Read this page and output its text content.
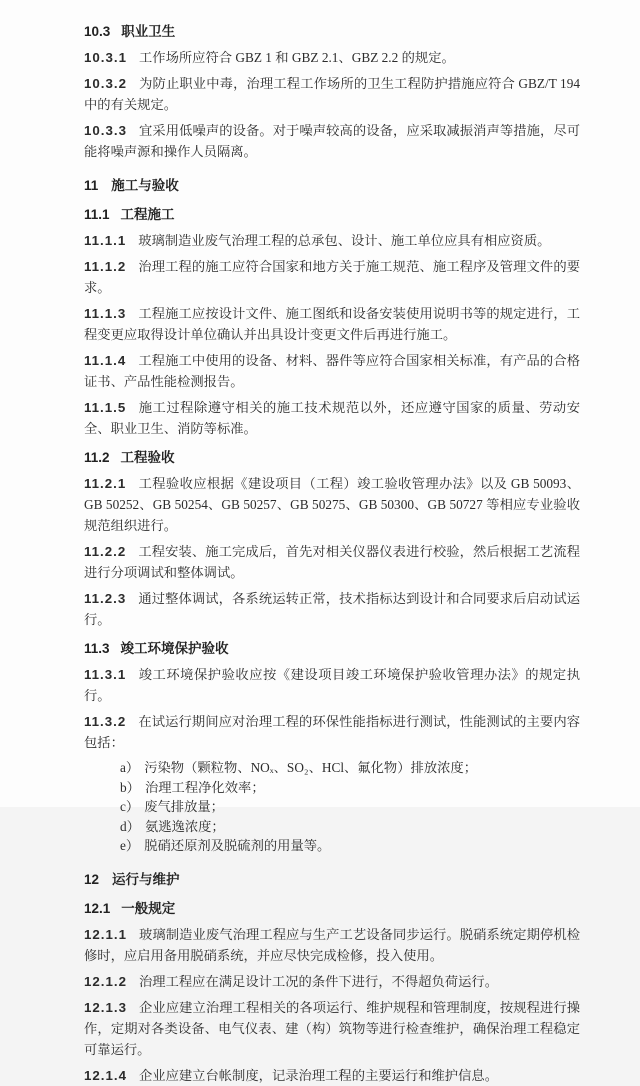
10.3 职业卫生
10.3.1 工作场所应符合 GBZ 1 和 GBZ 2.1、GBZ 2.2 的规定。
10.3.2 为防止职业中毒，治理工程工作场所的卫生工程防护措施应符合 GBZ/T 194 中的有关规定。
10.3.3 宜采用低噪声的设备。对于噪声较高的设备，应采取减振消声等措施，尽可能将噪声源和操作人员隔离。
11 施工与验收
11.1 工程施工
11.1.1 玻璃制造业废气治理工程的总承包、设计、施工单位应具有相应资质。
11.1.2 治理工程的施工应符合国家和地方关于施工规范、施工程序及管理文件的要求。
11.1.3 工程施工应按设计文件、施工图纸和设备安装使用说明书等的规定进行，工程变更应取得设计单位确认并出具设计变更文件后再进行施工。
11.1.4 工程施工中使用的设备、材料、器件等应符合国家相关标准，有产品的合格证书、产品性能检测报告。
11.1.5 施工过程除遵守相关的施工技术规范以外，还应遵守国家的质量、劳动安全、职业卫生、消防等标准。
11.2 工程验收
11.2.1 工程验收应根据《建设项目（工程）竣工验收管理办法》以及 GB 50093、GB 50252、GB 50254、GB 50257、GB 50275、GB 50300、GB 50727 等相应专业验收规范组织进行。
11.2.2 工程安装、施工完成后，首先对相关仪器仪表进行校验，然后根据工艺流程进行分项调试和整体调试。
11.2.3 通过整体调试，各系统运转正常，技术指标达到设计和合同要求后启动试运行。
11.3 竣工环境保护验收
11.3.1 竣工环境保护验收应按《建设项目竣工环境保护验收管理办法》的规定执行。
11.3.2 在试运行期间应对治理工程的环保性能指标进行测试，性能测试的主要内容包括：
a） 污染物（颗粒物、NOₓ、SO₂、HCl、氟化物）排放浓度；
b） 治理工程净化效率；
c） 废气排放量；
d） 氨逃逸浓度；
e） 脱硝还原剂及脱硫剂的用量等。
12 运行与维护
12.1 一般规定
12.1.1 玻璃制造业废气治理工程应与生产工艺设备同步运行。脱硝系统定期停机检修时，应启用备用脱硝系统，并应尽快完成检修，投入使用。
12.1.2 治理工程应在满足设计工况的条件下进行，不得超负荷运行。
12.1.3 企业应建立治理工程相关的各项运行、维护规程和管理制度，按规程进行操作，定期对各类设备、电气仪表、建（构）筑物等进行检查维护，确保治理工程稳定可靠运行。
12.1.4 企业应建立台帐制度，记录治理工程的主要运行和维护信息。
